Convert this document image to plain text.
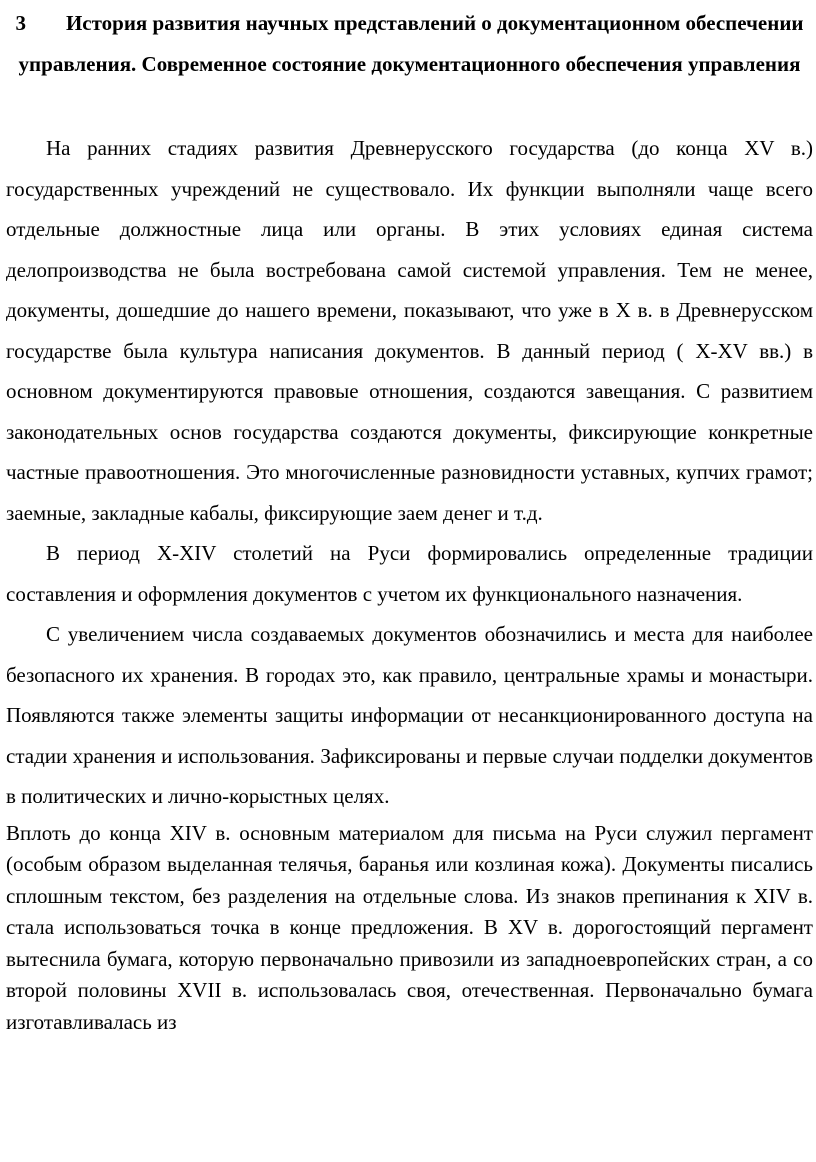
3 История развития научных представлений о документационном обеспечении управления. Современное состояние документационного обеспечения управления

На ранних стадиях развития Древнерусского государства (до конца XV в.) государственных учреждений не существовало. Их функции выполняли чаще всего отдельные должностные лица или органы. В этих условиях единая система делопроизводства не была востребована самой системой управления. Тем не менее, документы, дошедшие до нашего времени, показывают, что уже в X в. в Древнерусском государстве была культура написания документов. В данный период ( X-XV вв.) в основном документируются правовые отношения, создаются завещания. С развитием законодательных основ государства создаются документы, фиксирующие конкретные частные правоотношения. Это многочисленные разновидности уставных, купчих грамот; заемные, закладные кабалы, фиксирующие заем денег и т.д.

В период X-XIV столетий на Руси формировались определенные традиции составления и оформления документов с учетом их функционального назначения.

С увеличением числа создаваемых документов обозначились и места для наиболее безопасного их хранения. В городах это, как правило, центральные храмы и монастыри. Появляются также элементы защиты информации от несанкционированного доступа на стадии хранения и использования. Зафиксированы и первые случаи подделки документов в политических и лично-корыстных целях.

Вплоть до конца XIV в. основным материалом для письма на Руси служил пергамент (особым образом выделанная телячья, баранья или козлиная кожа). Документы писались сплошным текстом, без разделения на отдельные слова. Из знаков препинания к XIV в. стала использоваться точка в конце предложения. В XV в. дорогостоящий пергамент вытеснила бумага, которую первоначально привозили из западноевропейских стран, а со второй половины XVII в. использовалась своя, отечественная. Первоначально бумага изготавливалась из
